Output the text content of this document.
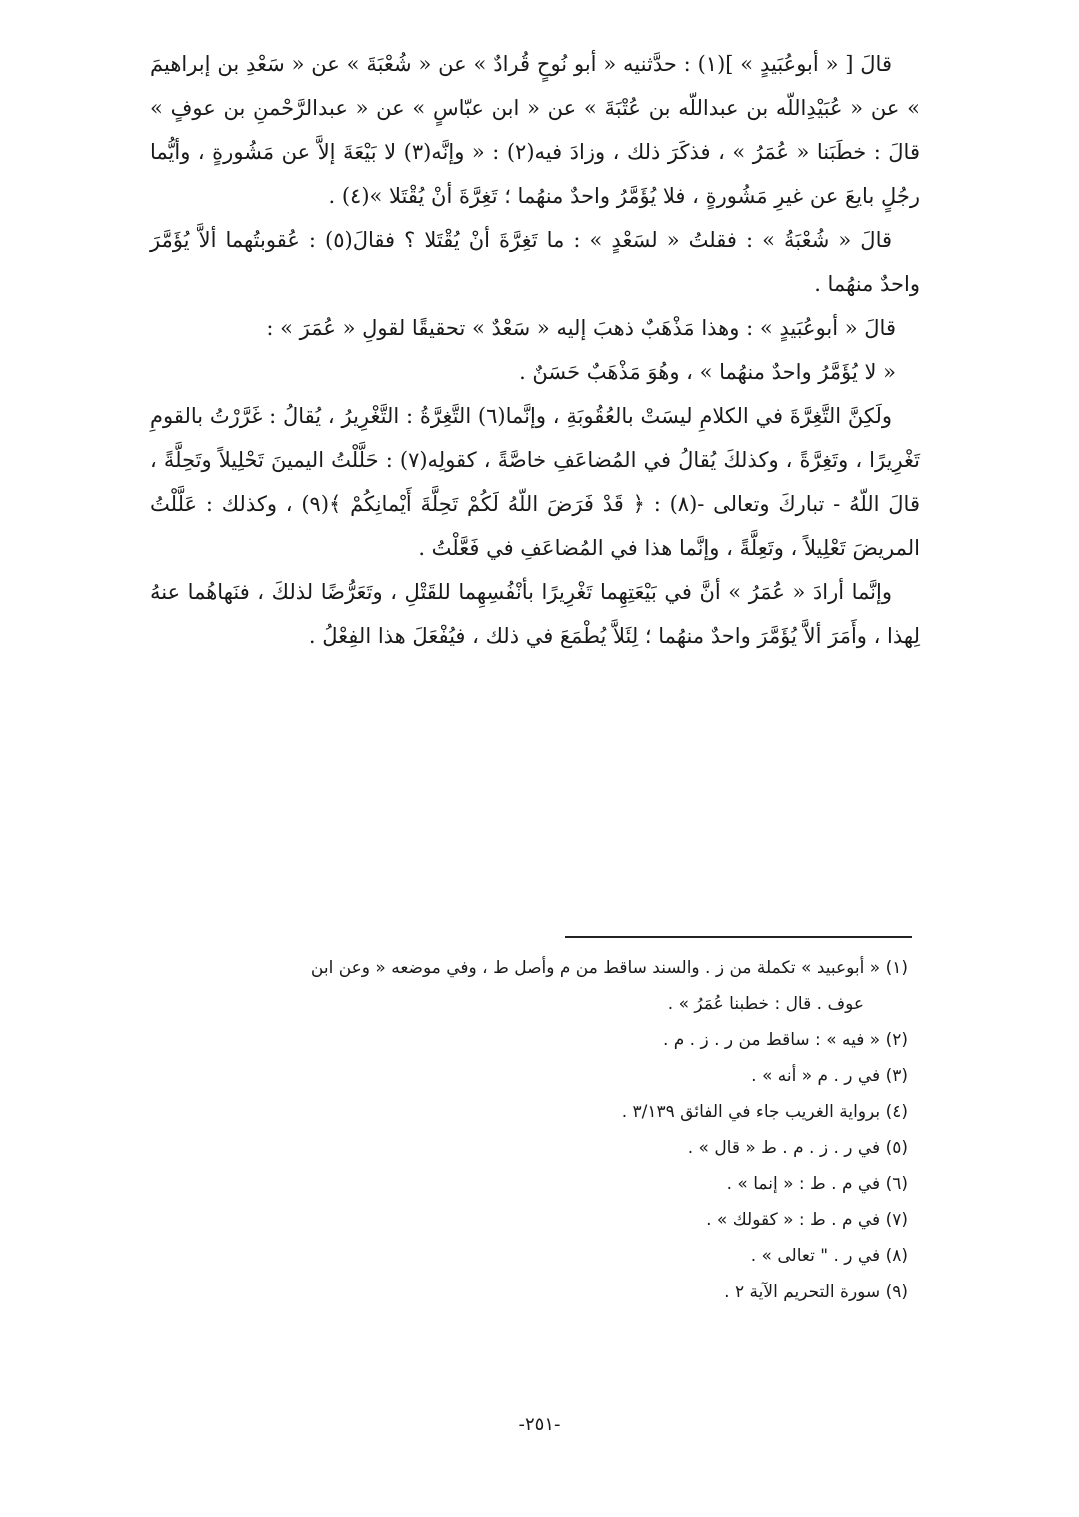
قالَ [ « أبوعُبَيدٍ » ](١) : حدَّثنيه « أبو نُوحٍ قُرادٌ » عن « شُعْبَةَ » عن « سَعْدِ بن إبراهيمَ » عن « عُبَيْدِاللّه بن عبداللّه بن عُتْبَةَ » عن « ابن عبّاسٍ » عن « عبدالرَّحْمنِ بن عوفٍ » قالَ : خطَبَنا « عُمَرُ » ، فذكَرَ ذلك ، وزادَ فيه(٢) : « وإنَّه(٣) لا بَيْعَةَ إلاَّ عن مَشُورةٍ ، وأيُّما رجُلٍ بايعَ عن غيرِ مَشُورةٍ ، فلا يُؤَمَّرُ واحدٌ منهُما ؛ تَغِرَّةَ أنْ يُقْتَلا »(٤) .

قالَ « شُعْبَةُ » : فقلتُ « لسَعْدٍ » : ما تَغِرَّةَ أنْ يُقْتَلا ؟ فقالَ(٥) : عُقوبتُهما ألاَّ يُؤَمَّرَ واحدٌ منهُما .

قالَ « أبوعُبَيدٍ » : وهذا مَذْهَبٌ ذهبَ إليه « سَعْدٌ » تحقيقًا لقولِ « عُمَرَ » :

« لا يُؤَمَّرُ واحدٌ منهُما » ، وهُوَ مَذْهَبٌ حَسَنٌ .

ولَكِنَّ التَّغِرَّةَ في الكلامِ ليسَتْ بالعُقُوبَةِ ، وإنَّما(٦) التَّغِرَّةُ : التَّغْرِيرُ ، يُقالُ : غَرَّرْتُ بالقومِ تَغْرِيرًا ، وتَغِرَّةً ، وكذلكَ يُقالُ في المُضاعَفِ خاصَّةً ، كقولِه(٧) : حَلَّلْتُ اليمينَ تَحْلِيلاً وتَحِلَّةً ، قالَ اللّهُ - تباركَ وتعالى -(٨) : ﴿ قَدْ فَرَضَ اللّهُ لَكُمْ تَحِلَّةَ أَيْمانِكُمْ ﴾(٩) ، وكذلك : عَلَّلْتُ المريضَ تَعْلِيلاً ، وتَعِلَّةً ، وإنَّما هذا في المُضاعَفِ في فَعَّلْتُ .

وإنَّما أرادَ « عُمَرُ » أنَّ في بَيْعَتِهِما تَغْرِيرًا بأنْفُسِهِما للقَتْلِ ، وتَعَرُّضًا لذلكَ ، فنَهاهُما عنهُ لِهذا ، وأَمَرَ ألاَّ يُؤَمَّرَ واحدٌ منهُما ؛ لِئَلاَّ يُطْمَعَ في ذلك ، فيُفْعَلَ هذا الفِعْلُ .

(١) « أبوعبيد » تكملة من ز . والسند ساقط من م وأصل ط ، وفي موضعه « وعن ابن

عوف . قال : خطبنا عُمَرُ » .

(٢) « فيه » : ساقط من ر . ز . م .

(٣) في ر . م « أنه » .

(٤) برواية الغريب جاء في الفائق ٣/١٣٩ .

(٥) في ر . ز . م . ط « قال » .

(٦) في م . ط : « إنما » .

(٧) في م . ط : « كقولك » .

(٨) في ر . " تعالى » .

(٩) سورة التحريم الآية ٢ .

-٢٥١-
